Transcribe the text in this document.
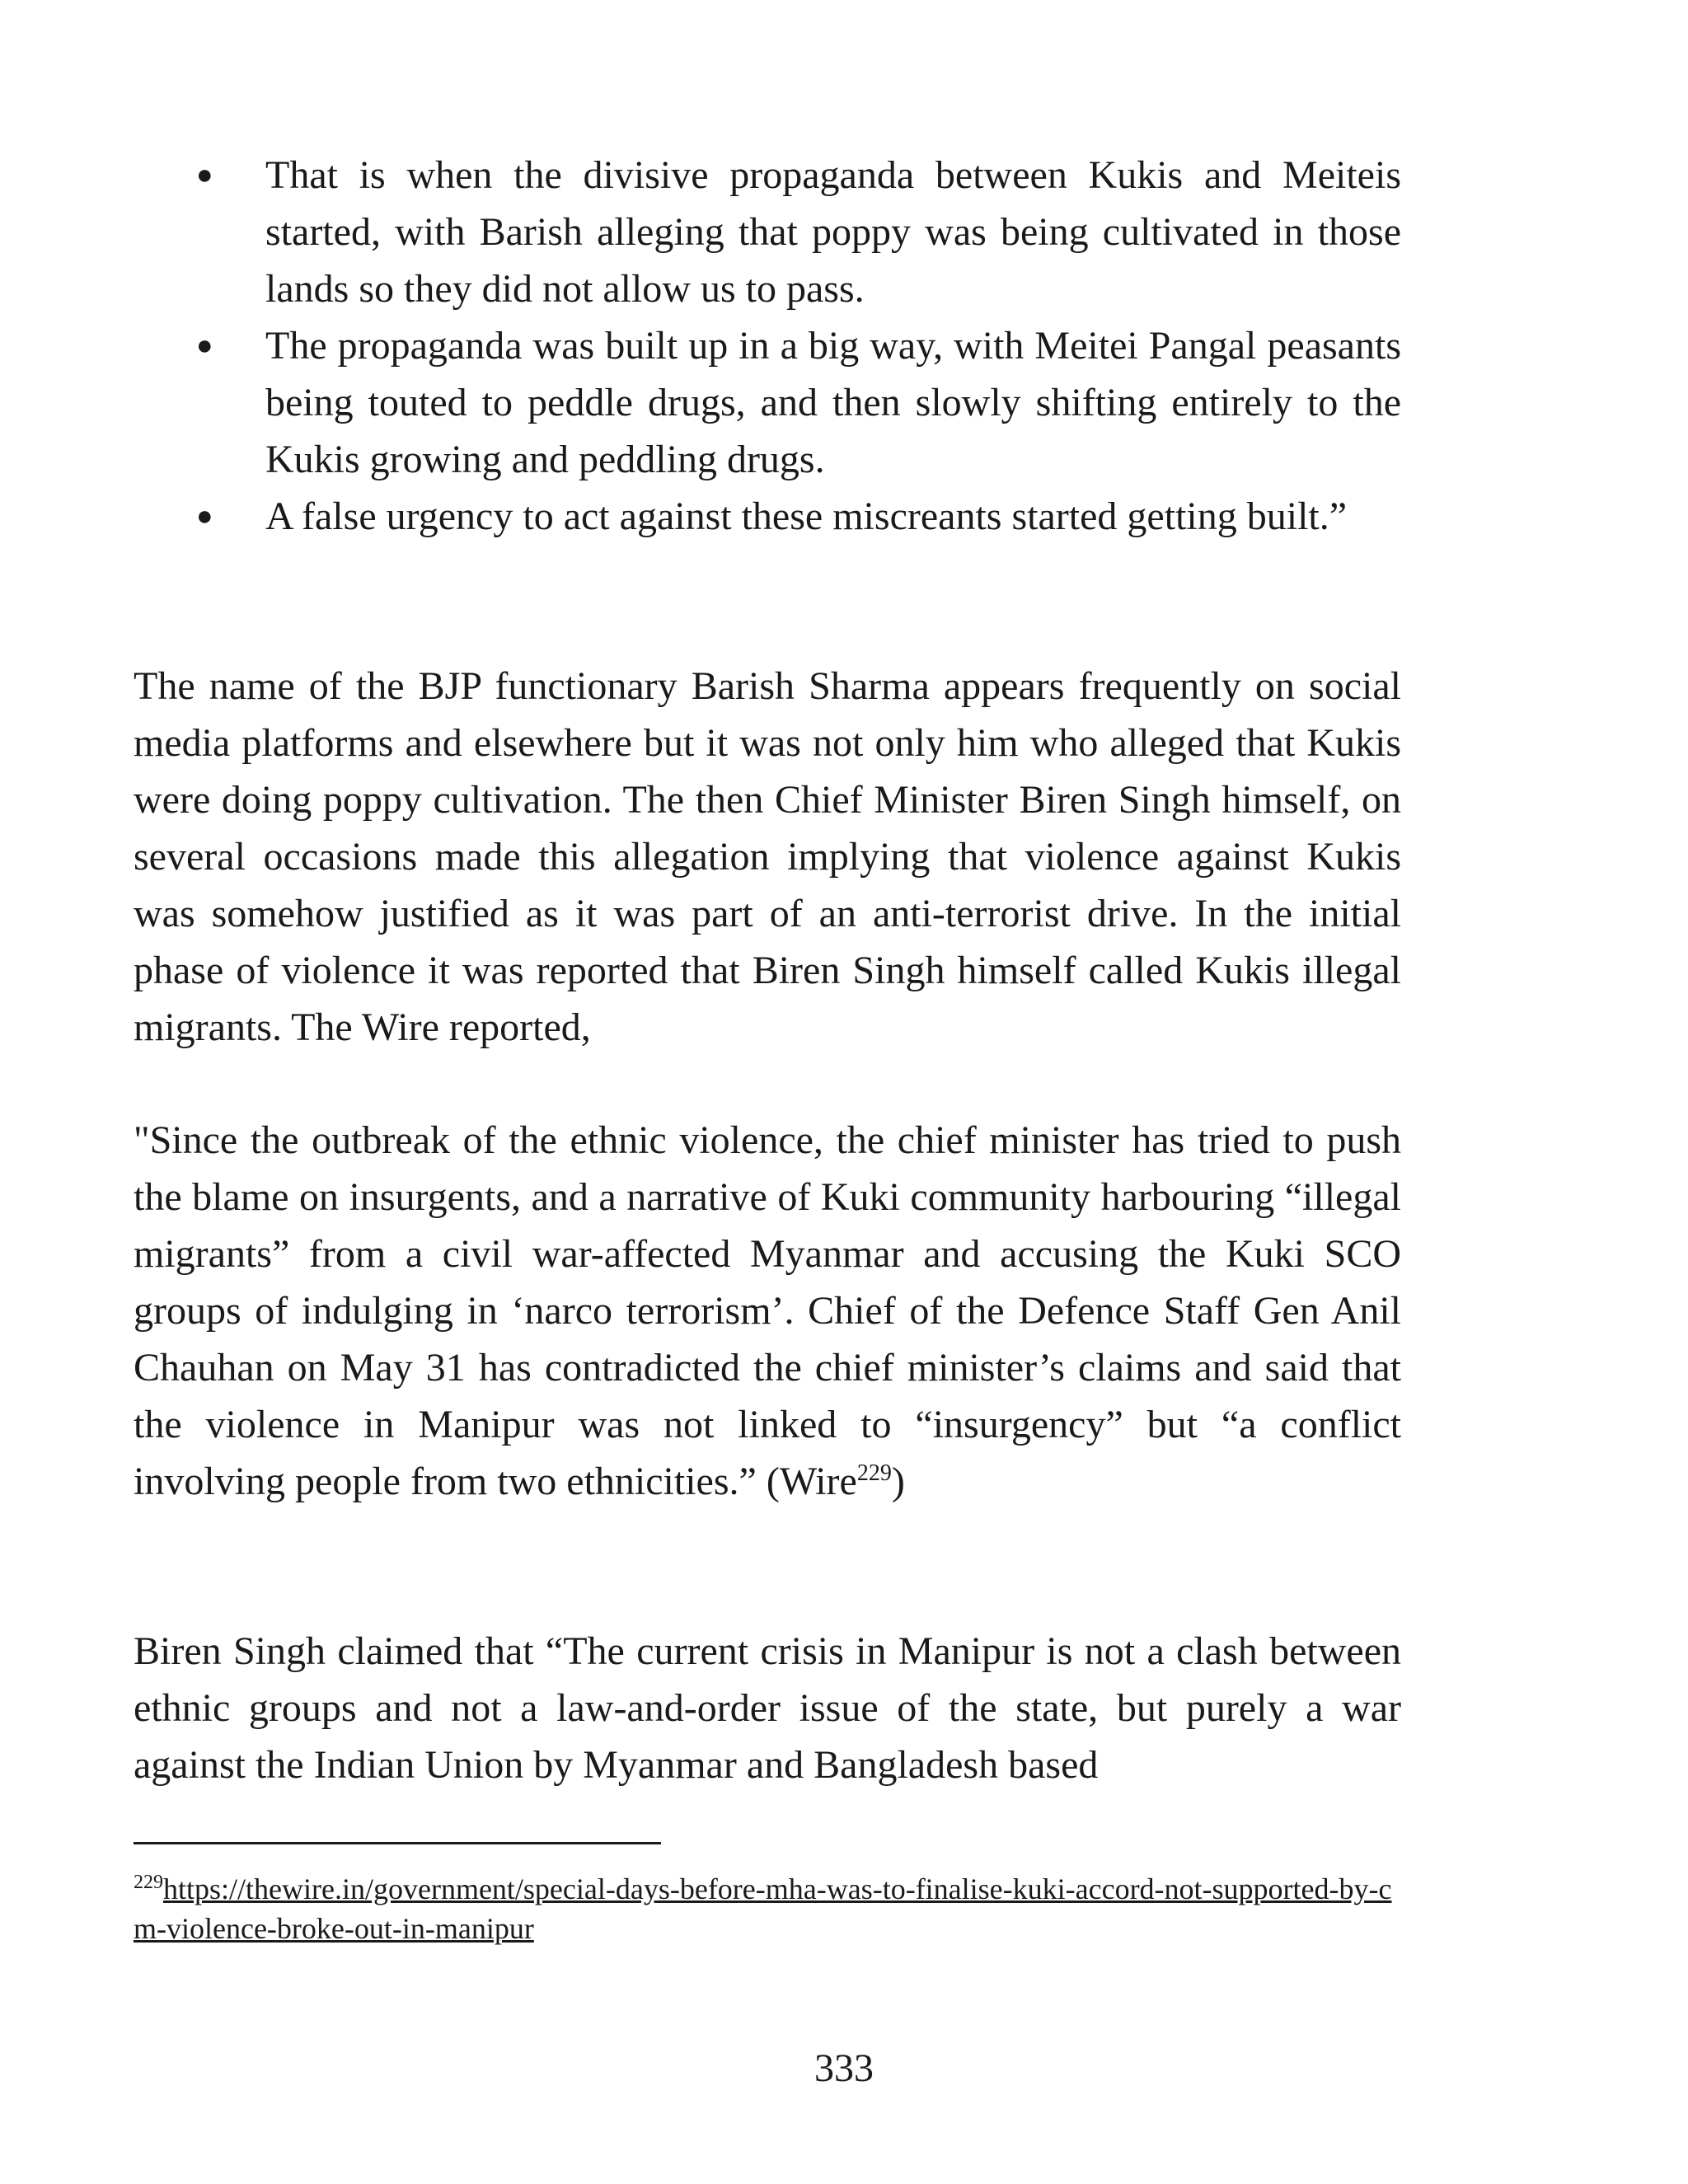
● That is when the divisive propaganda between Kukis and Meiteis started, with Barish alleging that poppy was being cultivated in those lands so they did not allow us to pass.
● The propaganda was built up in a big way, with Meitei Pangal peasants being touted to peddle drugs, and then slowly shifting entirely to the Kukis growing and peddling drugs.
● A false urgency to act against these miscreants started getting built.”

The name of the BJP functionary Barish Sharma appears frequently on social media platforms and elsewhere but it was not only him who alleged that Kukis were doing poppy cultivation. The then Chief Minister Biren Singh himself, on several occasions made this allegation implying that violence against Kukis was somehow justified as it was part of an anti-terrorist drive. In the initial phase of violence it was reported that Biren Singh himself called Kukis illegal migrants. The Wire reported,

"Since the outbreak of the ethnic violence, the chief minister has tried to push the blame on insurgents, and a narrative of Kuki community harbouring “illegal migrants” from a civil war-affected Myanmar and accusing the Kuki SCO groups of indulging in ‘narco terrorism’. Chief of the Defence Staff Gen Anil Chauhan on May 31 has contradicted the chief minister’s claims and said that the violence in Manipur was not linked to “insurgency” but “a conflict involving people from two ethnicities.” (Wire$^{229}$)

Biren Singh claimed that “The current crisis in Manipur is not a clash between ethnic groups and not a law-and-order issue of the state, but purely a war against the Indian Union by Myanmar and Bangladesh based

$^{229}$https://thewire.in/government/special-days-before-mha-was-to-finalise-kuki-accord-not-supported-by-cm-violence-broke-out-in-manipur

333
